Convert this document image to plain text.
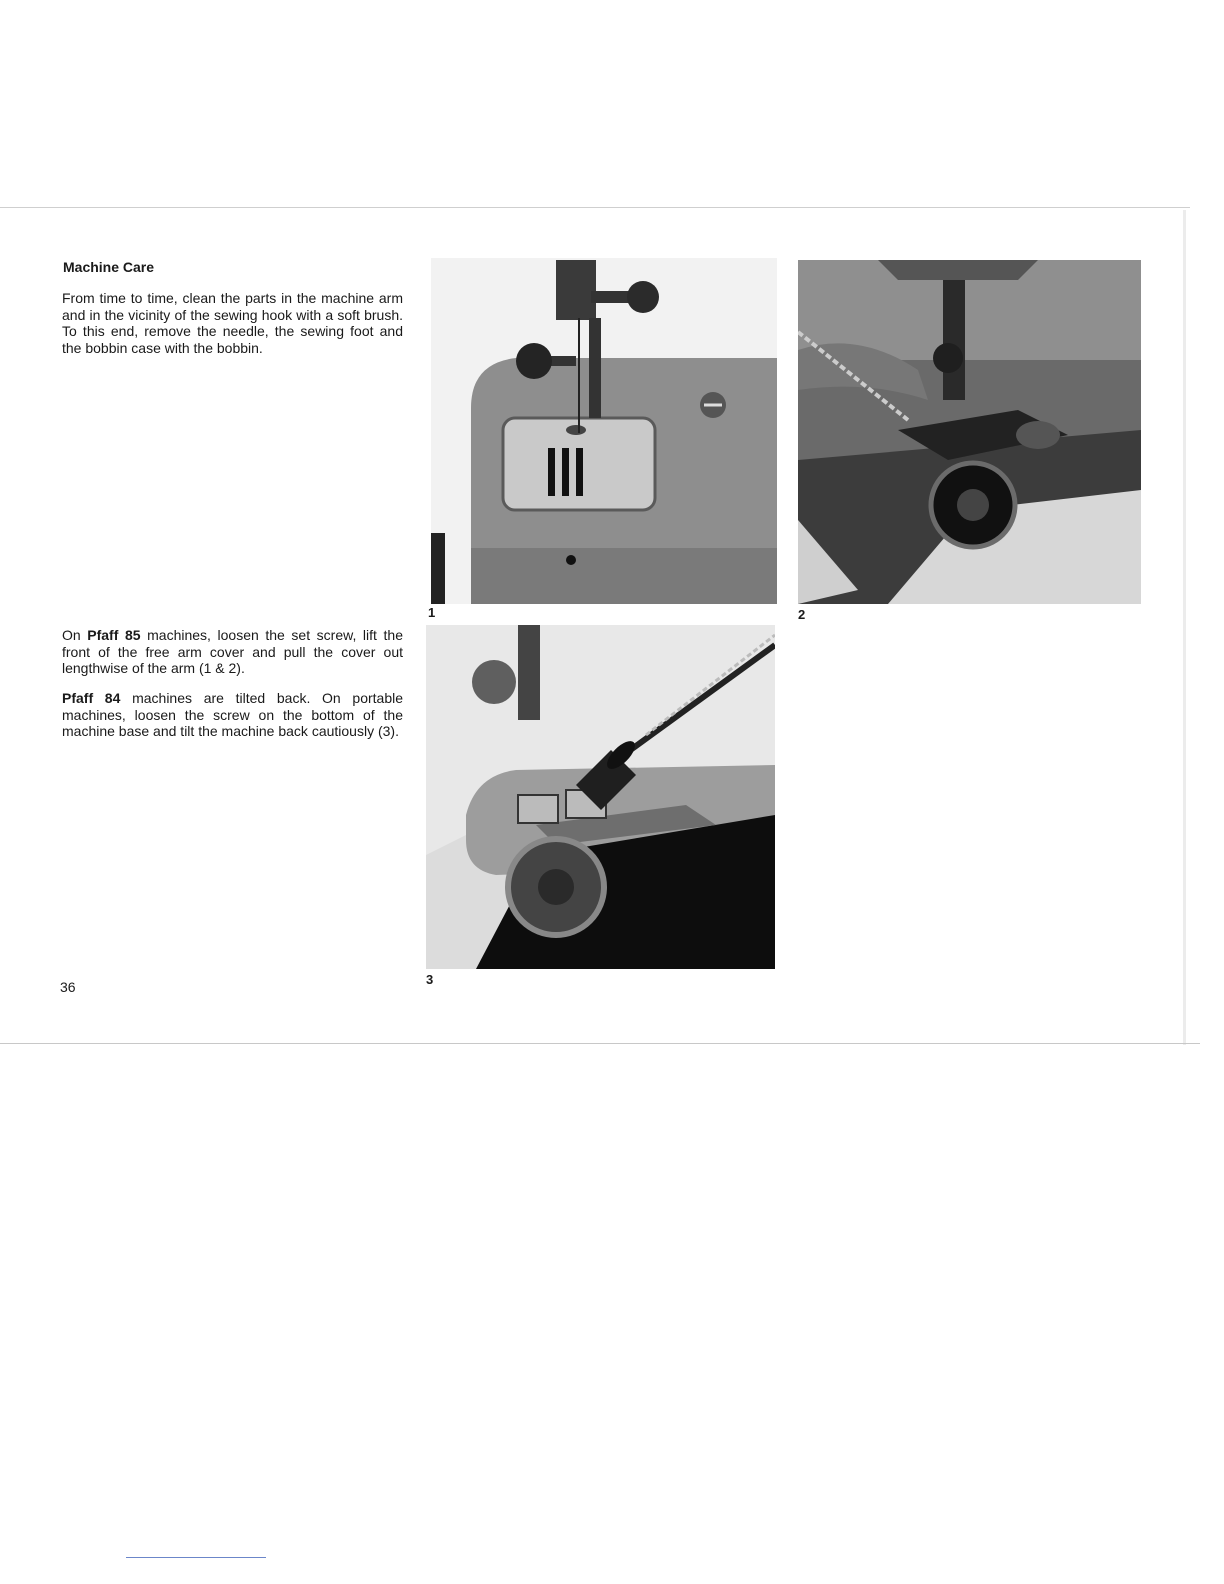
Machine Care

From time to time, clean the parts in the machine arm and in the vicinity of the sewing hook with a soft brush. To this end, remove the needle, the sewing foot and the bobbin case with the bobbin.

On Pfaff 85 machines, loosen the set screw, lift the front of the free arm cover and pull the cover out lengthwise of the arm (1 & 2).

Pfaff 84 machines are tilted back. On portable machines, loosen the screw on the bottom of the machine base and tilt the machine back cautiously (3).

36
1	2
3
